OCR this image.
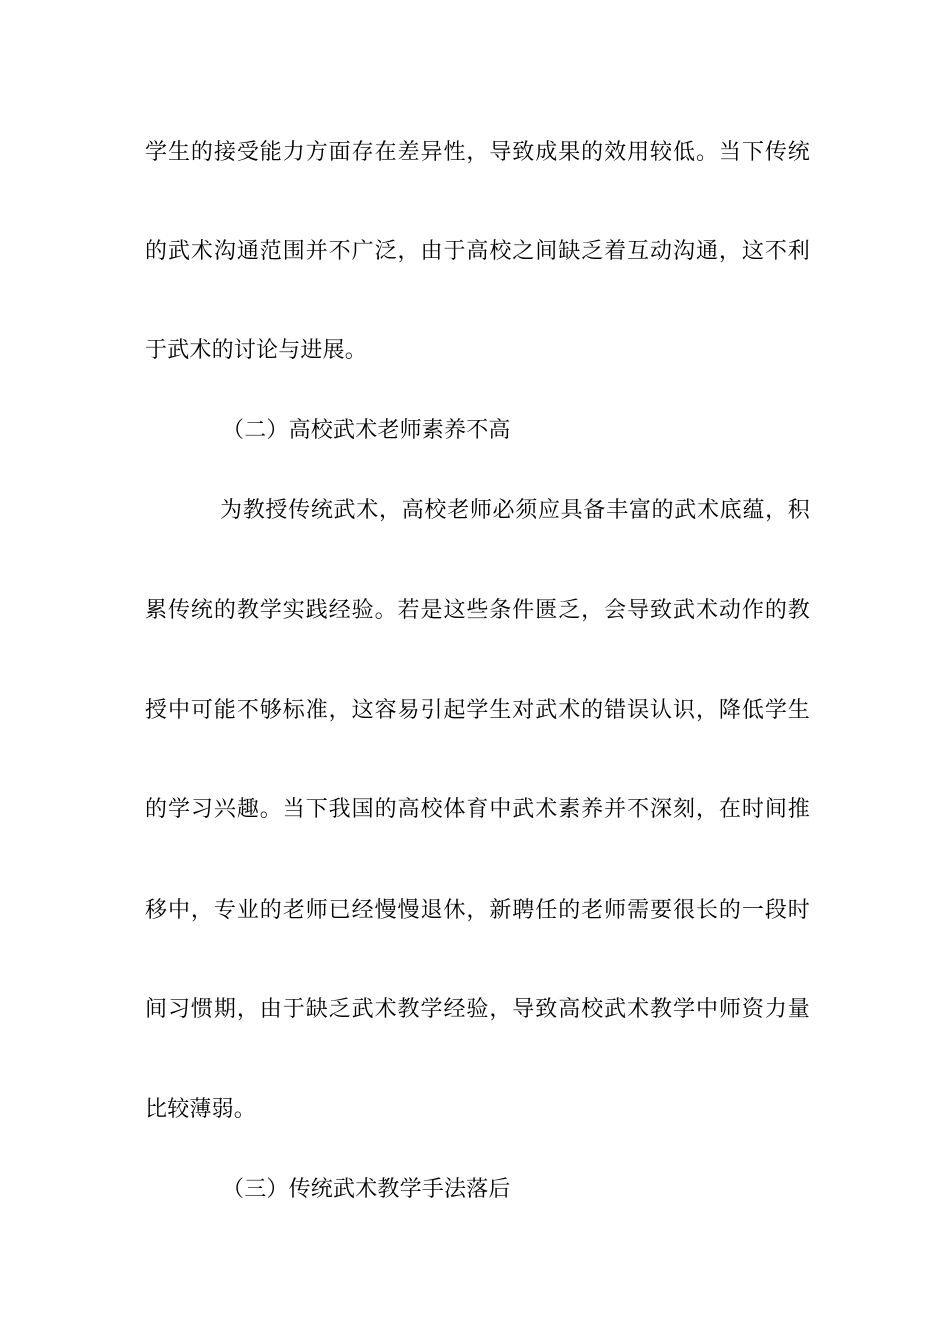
学生的接受能力方面存在差异性，导致成果的效用较低。当下传统
的武术沟通范围并不广泛，由于高校之间缺乏着互动沟通，这不利
于武术的讨论与进展。
（二）高校武术老师素养不高
为教授传统武术，高校老师必须应具备丰富的武术底蕴，积
累传统的教学实践经验。若是这些条件匮乏，会导致武术动作的教
授中可能不够标准，这容易引起学生对武术的错误认识，降低学生
的学习兴趣。当下我国的高校体育中武术素养并不深刻，在时间推
移中，专业的老师已经慢慢退休，新聘任的老师需要很长的一段时
间习惯期，由于缺乏武术教学经验，导致高校武术教学中师资力量
比较薄弱。
（三）传统武术教学手法落后
